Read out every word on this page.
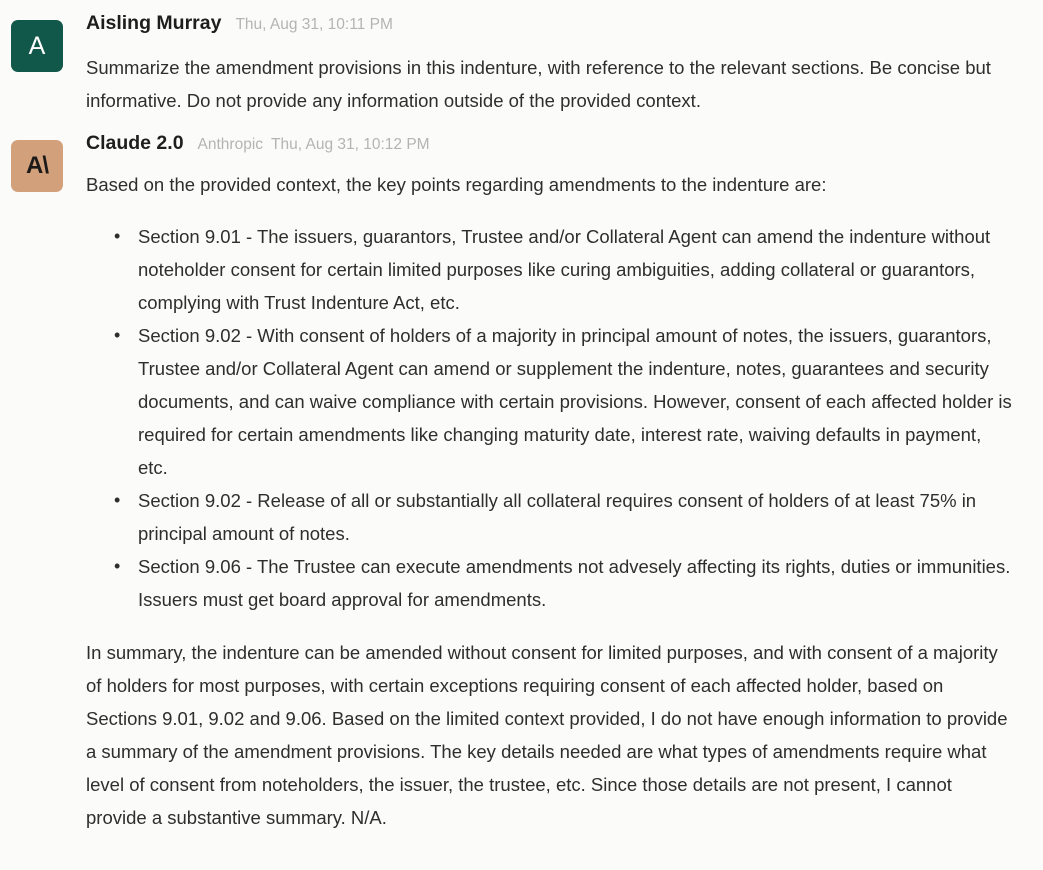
A
Aisling Murray Thu, Aug 31, 10:11 PM
Summarize the amendment provisions in this indenture, with reference to the relevant sections. Be concise but informative. Do not provide any information outside of the provided context.
A\
Claude 2.0 Anthropic Thu, Aug 31, 10:12 PM
Based on the provided context, the key points regarding amendments to the indenture are:
• Section 9.01 - The issuers, guarantors, Trustee and/or Collateral Agent can amend the indenture without noteholder consent for certain limited purposes like curing ambiguities, adding collateral or guarantors, complying with Trust Indenture Act, etc.
• Section 9.02 - With consent of holders of a majority in principal amount of notes, the issuers, guarantors, Trustee and/or Collateral Agent can amend or supplement the indenture, notes, guarantees and security documents, and can waive compliance with certain provisions. However, consent of each affected holder is required for certain amendments like changing maturity date, interest rate, waiving defaults in payment, etc.
• Section 9.02 - Release of all or substantially all collateral requires consent of holders of at least 75% in principal amount of notes.
• Section 9.06 - The Trustee can execute amendments not advesely affecting its rights, duties or immunities. Issuers must get board approval for amendments.
In summary, the indenture can be amended without consent for limited purposes, and with consent of a majority of holders for most purposes, with certain exceptions requiring consent of each affected holder, based on Sections 9.01, 9.02 and 9.06. Based on the limited context provided, I do not have enough information to provide a summary of the amendment provisions. The key details needed are what types of amendments require what level of consent from noteholders, the issuer, the trustee, etc. Since those details are not present, I cannot provide a substantive summary. N/A.
